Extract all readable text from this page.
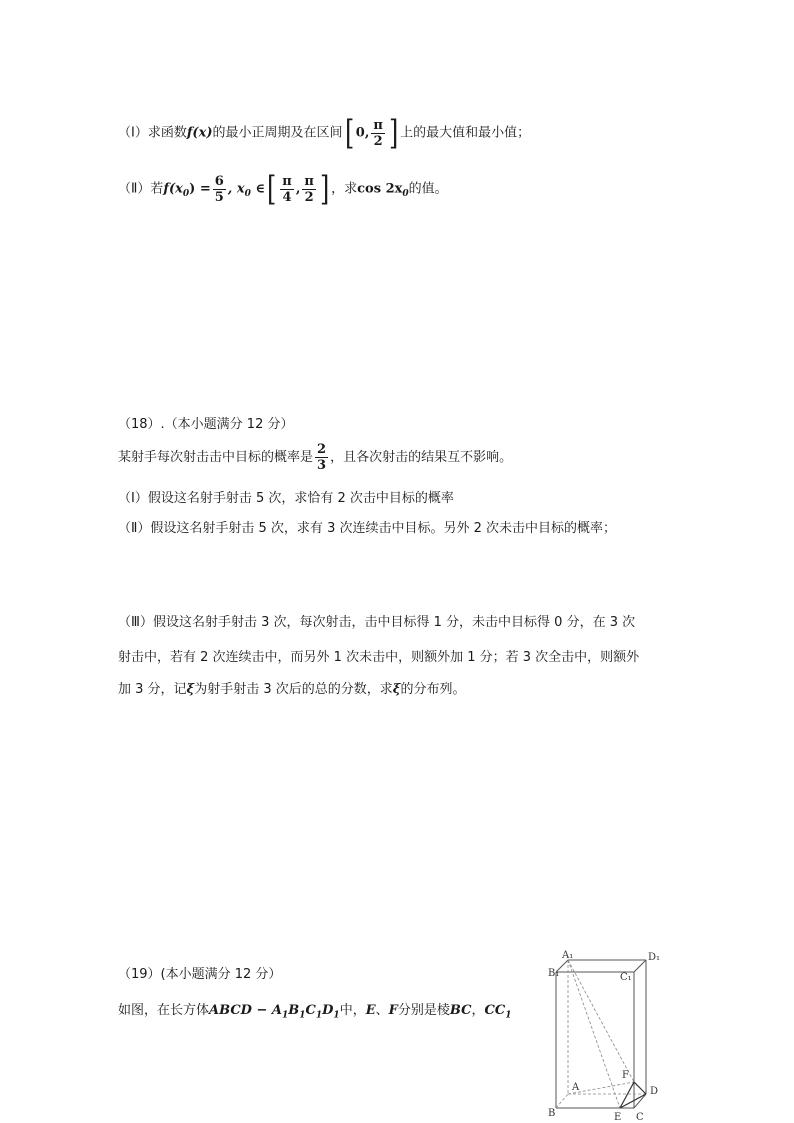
（Ⅰ）求函数f(x)的最小正周期及在区间[ 0, $\frac{\pi}{2}$ ] 上的最大值和最小值；
（Ⅱ）若$f(x_0) = \frac{6}{5}$ , $x_0$ ∈[ $\frac{\pi}{4}$ , $\frac{\pi}{2}$ ] ，求$\cos 2x_0$的值。
（18）.（本小题满分 12 分）
某射手每次射击击中目标的概率是 $\frac{2}{3}$ ，且各次射击的结果互不影响。
（Ⅰ）假设这名射手射击 5 次，求恰有 2 次击中目标的概率
（Ⅱ）假设这名射手射击 5 次，求有 3 次连续击中目标。另外 2 次未击中目标的概率；
（Ⅲ）假设这名射手射击 3 次，每次射击，击中目标得 1 分，未击中目标得 0 分，在 3 次
射击中，若有 2 次连续击中，而另外 1 次未击中，则额外加 1 分；若 3 次全击中，则额外
加 3 分，记ξ为射手射击 3 次后的总的分数，求ξ的分布列。
（19）(本小题满分 12 分）
如图，在长方体ABCD − $A_1B_1C_1D_1$中，E、F分别是棱BC，$CC_1$
A₁	D₁
B₁	C₁
A
B	C
D
E
F
